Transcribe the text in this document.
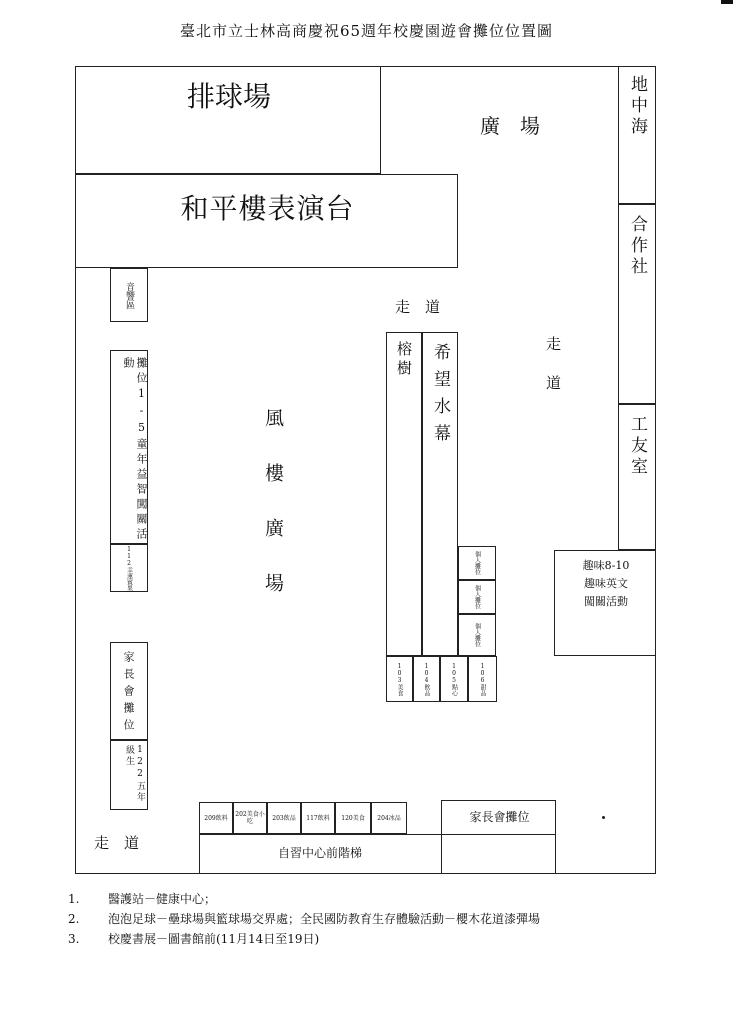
臺北市立士林高商慶祝65週年校慶園遊會攤位位置圖
排球場
廣　場	地中海
合作社
工友室
和平樓表演台
音響區	走　道
走道
榕樹 希望水幕
個人攤位
個人攤位
個人攤位
103美食	104飲品	105點心	106甜品
趣味8-10
趣味英文
闖關活動
風樓廣場
攤位1-5童年益智闖關活動
112幸運賓果
家長會攤位
122五年級生
走　道
209飲料 202美食小吃	203飲品 117飲料 120美食 204冰品
自習中心前階梯
家長會攤位
1. 醫護站－健康中心；
2. 泡泡足球－壘球場與籃球場交界處；全民國防教育生存體驗活動－櫻木花道漆彈場
3. 校慶書展－圖書館前(11月14日至19日)
